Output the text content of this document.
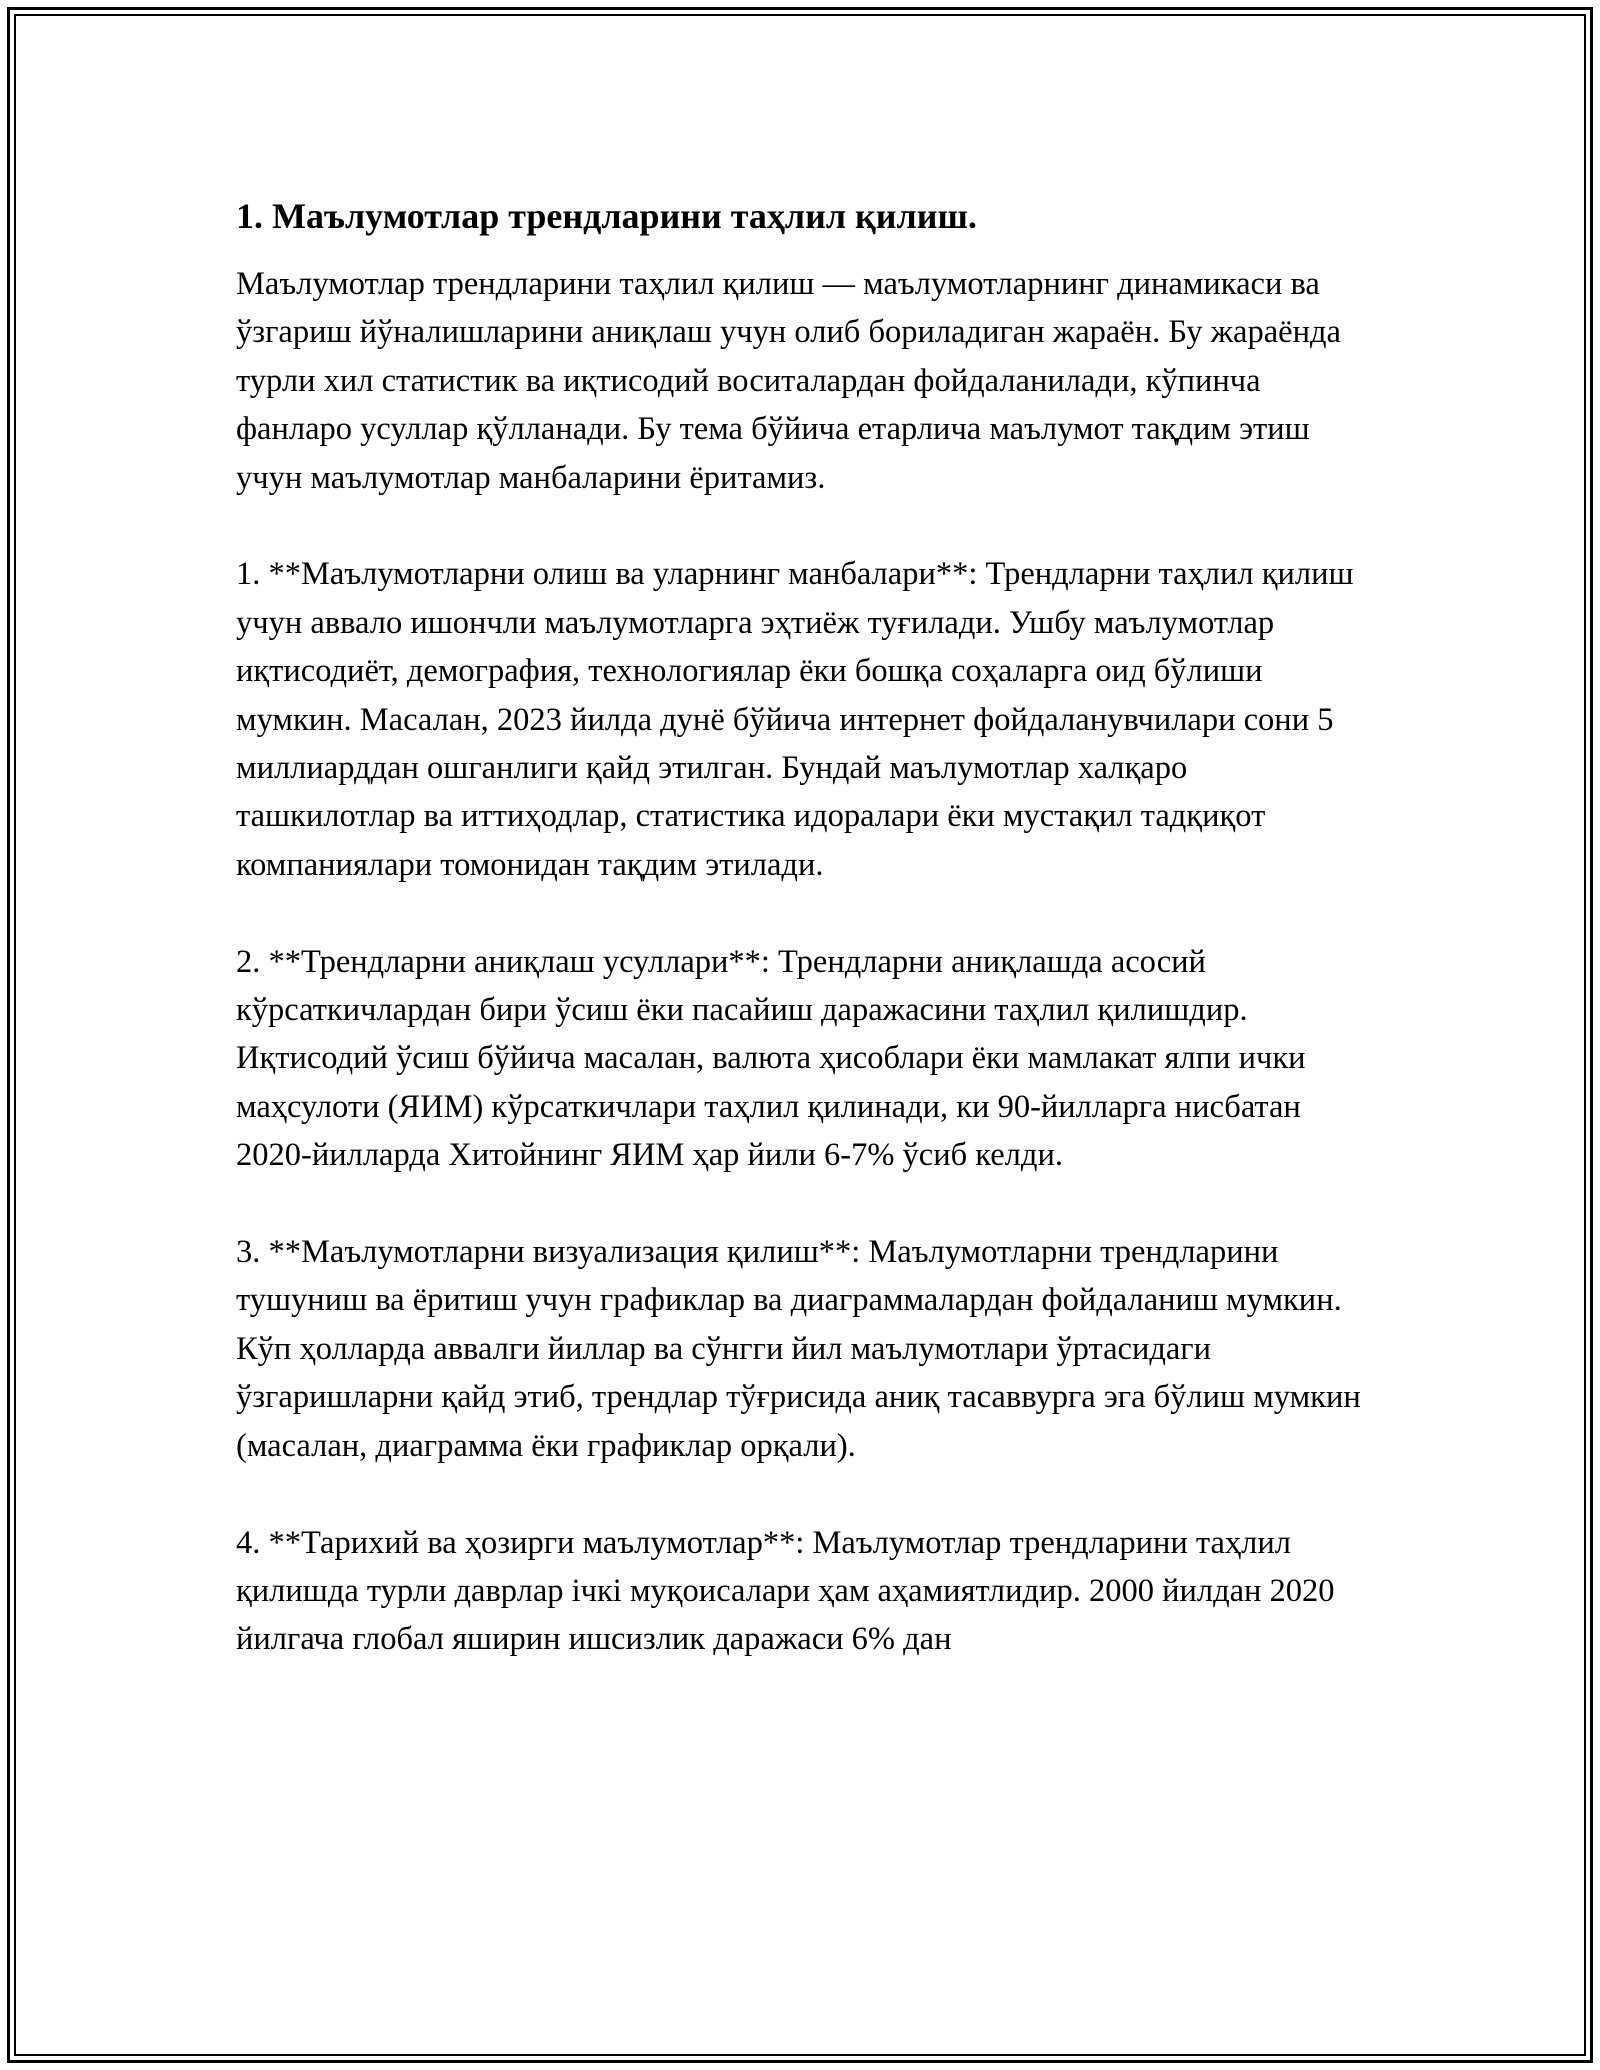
1. Маълумотлар трендларини таҳлил қилиш.

Маълумотлар трендларини таҳлил қилиш — маълумотларнинг динамикаси ва ўзгариш йўналишларини аниқлаш учун олиб бориладиган жараён. Бу жараёнда турли хил статистик ва иқтисодий воситалардан фойдаланилади, кўпинча фанларо усуллар қўлланади. Бу тема бўйича етарлича маълумот тақдим этиш учун маълумотлар манбаларини ёритамиз.

1. **Маълумотларни олиш ва уларнинг манбалари**: Трендларни таҳлил қилиш учун аввало ишончли маълумотларга эҳтиёж туғилади. Ушбу маълумотлар иқтисодиёт, демография, технологиялар ёки бошқа соҳаларга оид бўлиши мумкин. Масалан, 2023 йилда дунё бўйича интернет фойдаланувчилари сони 5 миллиарддан ошганлиги қайд этилган. Бундай маълумотлар халқаро ташкилотлар ва иттиҳодлар, статистика идоралари ёки мустақил тадқиқот компаниялари томонидан тақдим этилади.

2. **Трендларни аниқлаш усуллари**: Трендларни аниқлашда асосий кўрсаткичлардан бири ўсиш ёки пасайиш даражасини таҳлил қилишдир. Иқтисодий ўсиш бўйича масалан, валюта ҳисоблари ёки мамлакат ялпи ички маҳсулоти (ЯИМ) кўрсаткичлари таҳлил қилинади, ки 90-йилларга нисбатан 2020-йилларда Хитойнинг ЯИМ ҳар йили 6-7% ўсиб келди.

3. **Маълумотларни визуализация қилиш**: Маълумотларни трендларини тушуниш ва ёритиш учун графиклар ва диаграммалардан фойдаланиш мумкин. Кўп ҳолларда аввалги йиллар ва сўнгги йил маълумотлари ўртасидаги ўзгаришларни қайд этиб, трендлар тўғрисида аниқ тасаввурга эга бўлиш мумкин (масалан, диаграмма ёки графиклар орқали).

4. **Тарихий ва ҳозирги маълумотлар**: Маълумотлар трендларини таҳлил қилишда турли даврлар ічкі муқоисалари ҳам аҳамиятлидир. 2000 йилдан 2020 йилгача глобал яширин ишсизлик даражаси 6% дан
